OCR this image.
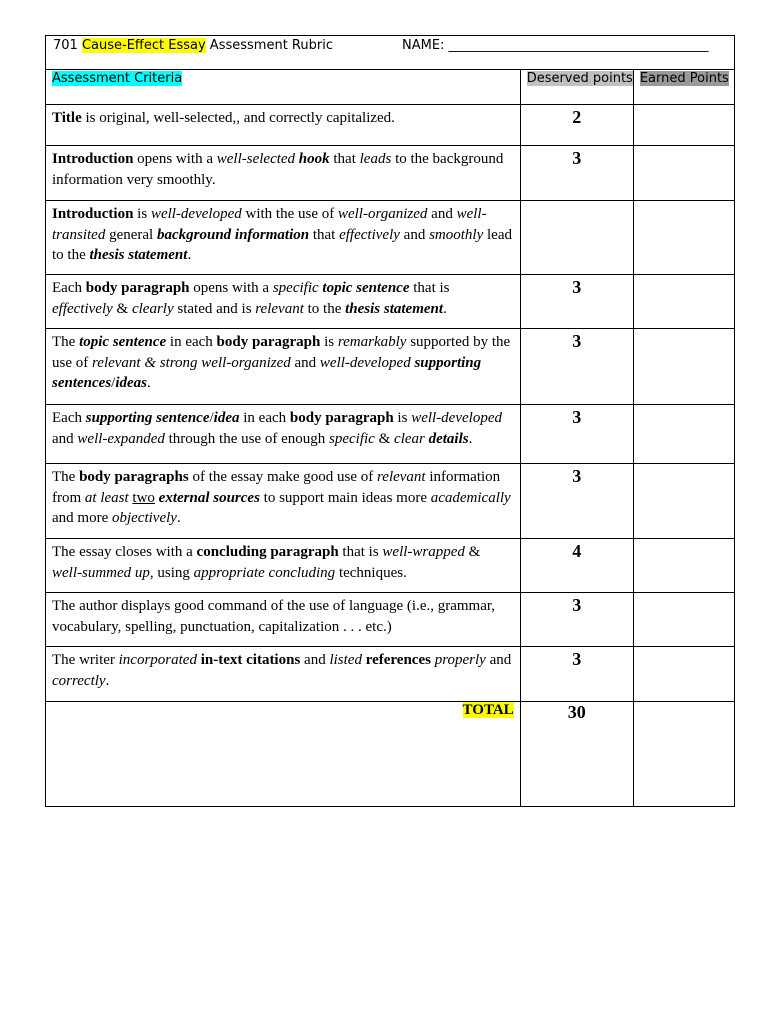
701 Cause-Effect Essay Assessment Rubric	NAME: ________________________________________
Assessment Criteria	Deserved points	Earned Points
Title is original, well-selected,, and correctly capitalized.	2	
Introduction opens with a well-selected hook that leads to the background information very smoothly.	3	
Introduction is well-developed with the use of well-organized and well-transited general background information that effectively and smoothly lead to the thesis statement.		
Each body paragraph opens with a specific topic sentence that is effectively & clearly stated and is relevant to the thesis statement.	3	
The topic sentence in each body paragraph is remarkably supported by the use of relevant & strong well-organized and well-developed supporting sentences/ideas.	3	
Each supporting sentence/idea in each body paragraph is well-developed and well-expanded through the use of enough specific & clear details.	3	
The body paragraphs of the essay make good use of relevant information from at least two external sources to support main ideas more academically and more objectively.	3	
The essay closes with a concluding paragraph that is well-wrapped & well-summed up, using appropriate concluding techniques.	4	
The author displays good command of the use of language (i.e., grammar, vocabulary, spelling, punctuation, capitalization . . . etc.)	3	
The writer incorporated in-text citations and listed references properly and correctly.	3	
TOTAL	30	
